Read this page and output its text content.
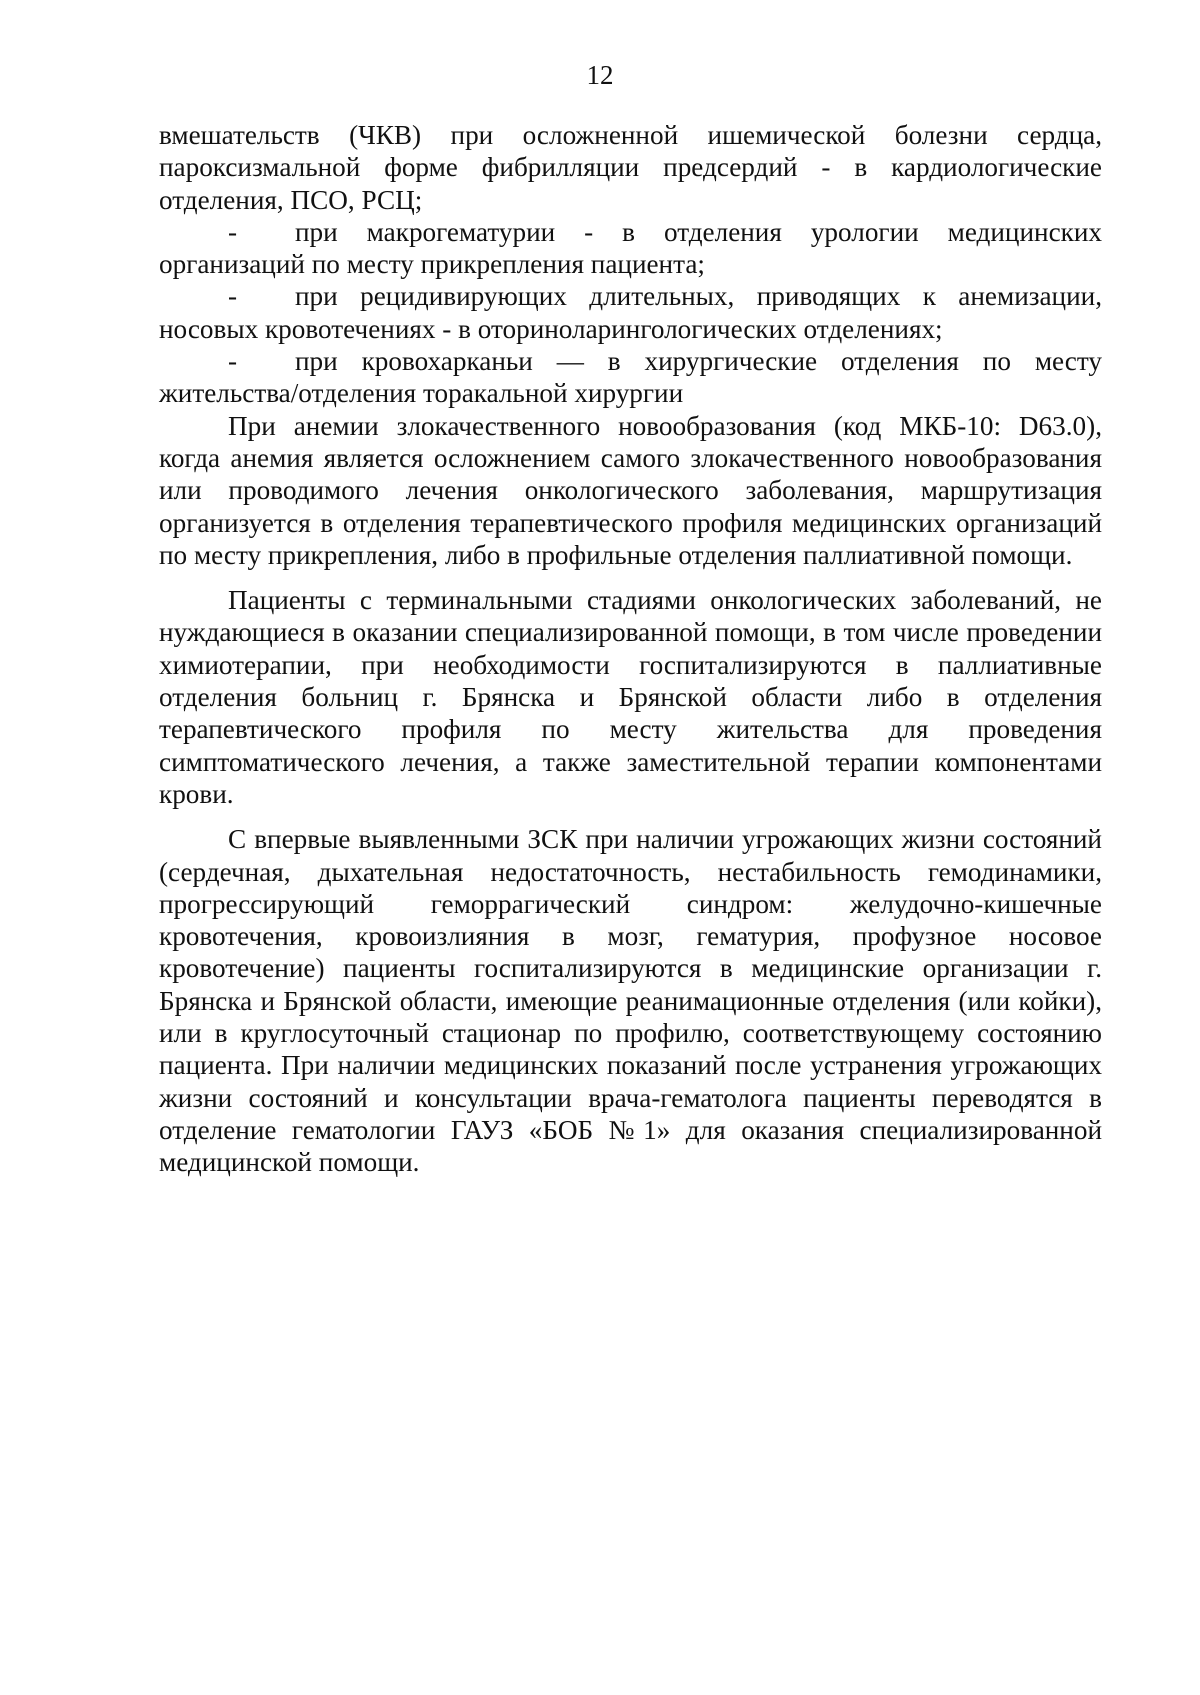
12

вмешательств (ЧКВ) при осложненной ишемической болезни сердца, пароксизмальной форме фибрилляции предсердий - в кардиологические отделения, ПСО, РСЦ;

- при макрогематурии - в отделения урологии медицинских организаций по месту прикрепления пациента;

- при рецидивирующих длительных, приводящих к анемизации, носовых кровотечениях - в оториноларингологических отделениях;

- при кровохарканьи — в хирургические отделения по месту жительства/отделения торакальной хирургии

При анемии злокачественного новообразования (код МКБ-10: D63.0), когда анемия является осложнением самого злокачественного новообразования или проводимого лечения онкологического заболевания, маршрутизация организуется в отделения терапевтического профиля медицинских организаций по месту прикрепления, либо в профильные отделения паллиативной помощи.

Пациенты с терминальными стадиями онкологических заболеваний, не нуждающиеся в оказании специализированной помощи, в том числе проведении химиотерапии, при необходимости госпитализируются в паллиативные отделения больниц г. Брянска и Брянской области либо в отделения терапевтического профиля по месту жительства для проведения симптоматического лечения, а также заместительной терапии компонентами крови.

С впервые выявленными ЗСК при наличии угрожающих жизни состояний (сердечная, дыхательная недостаточность, нестабильность гемодинамики, прогрессирующий геморрагический синдром: желудочно-кишечные кровотечения, кровоизлияния в мозг, гематурия, профузное носовое кровотечение) пациенты госпитализируются в медицинские организации г. Брянска и Брянской области, имеющие реанимационные отделения (или койки), или в круглосуточный стационар по профилю, соответствующему состоянию пациента. При наличии медицинских показаний после устранения угрожающих жизни состояний и консультации врача-гематолога пациенты переводятся в отделение гематологии ГАУЗ «БОБ №1» для оказания специализированной медицинской помощи.
